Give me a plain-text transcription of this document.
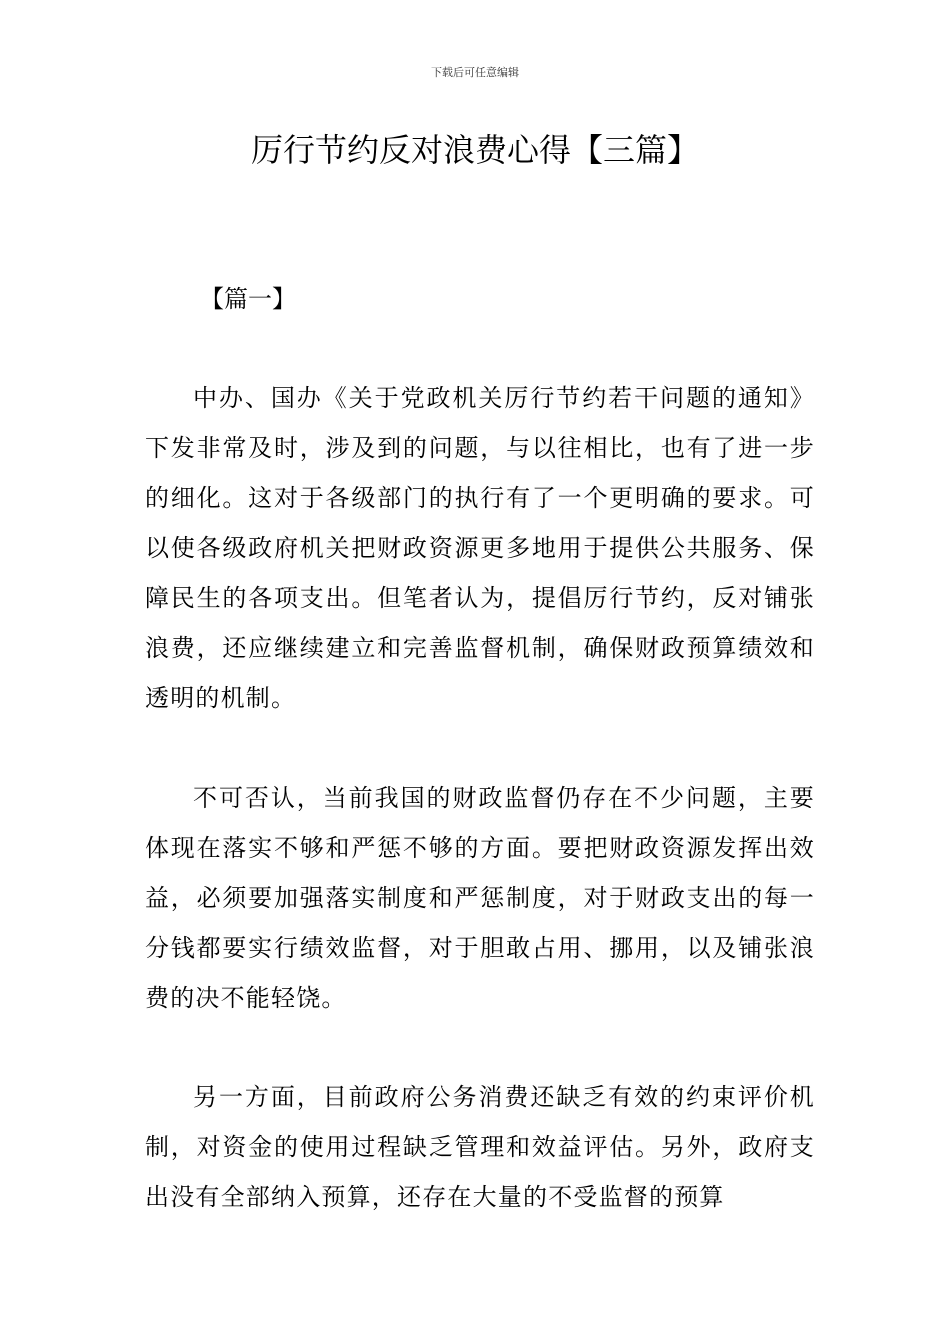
下载后可任意编辑
厉行节约反对浪费心得【三篇】
【篇一】

中办、国办《关于党政机关厉行节约若干问题的通知》下发非常及时，涉及到的问题，与以往相比，也有了进一步的细化。这对于各级部门的执行有了一个更明确的要求。可以使各级政府机关把财政资源更多地用于提供公共服务、保障民生的各项支出。但笔者认为，提倡厉行节约，反对铺张浪费，还应继续建立和完善监督机制，确保财政预算绩效和透明的机制。

不可否认，当前我国的财政监督仍存在不少问题，主要体现在落实不够和严惩不够的方面。要把财政资源发挥出效益，必须要加强落实制度和严惩制度，对于财政支出的每一分钱都要实行绩效监督，对于胆敢占用、挪用，以及铺张浪费的决不能轻饶。

另一方面，目前政府公务消费还缺乏有效的约束评价机制，对资金的使用过程缺乏管理和效益评估。另外，政府支出没有全部纳入预算，还存在大量的不受监督的预算
